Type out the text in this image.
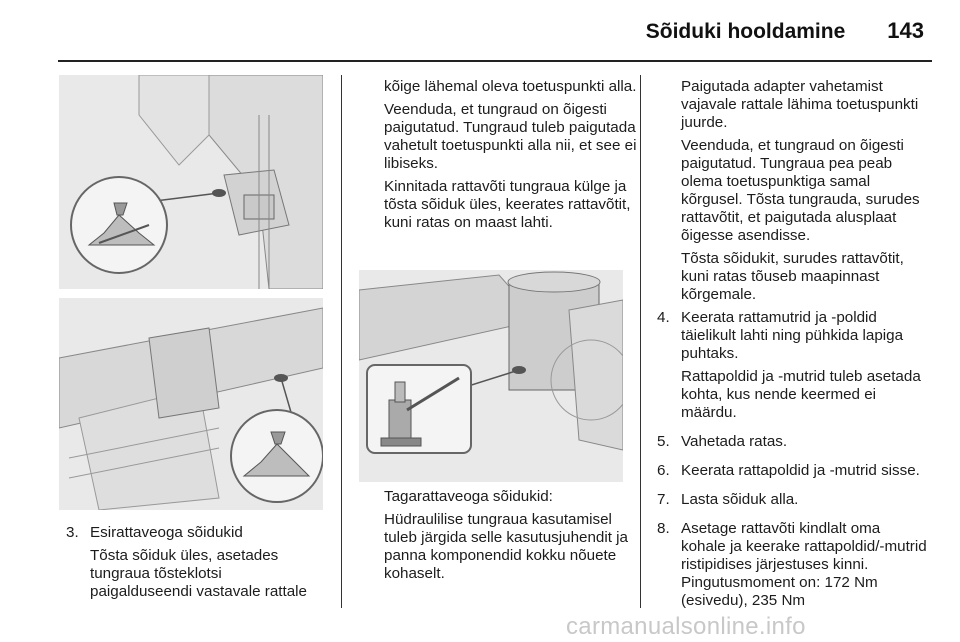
Sõiduki hooldamine 143
3. Esirattaveoga sõidukid

Tõsta sõiduk üles, asetades tungraua tõsteklotsi paigalduseendi vastavale rattale

kõige lähemal oleva toetuspunkti alla.

Veenduda, et tungraud on õigesti paigutatud. Tungraud tuleb paigutada vahetult toetuspunkti alla nii, et see ei libiseks.

Kinnitada rattavõti tungraua külge ja tõsta sõiduk üles, keerates rattavõtit, kuni ratas on maast lahti.

Tagarattaveoga sõidukid:

Hüdraulilise tungraua kasutamisel tuleb järgida selle kasutusjuhendit ja panna komponendid kokku nõuete kohaselt.

Paigutada adapter vahetamist vajavale rattale lähima toetuspunkti juurde.

Veenduda, et tungraud on õigesti paigutatud. Tungraua pea peab olema toetuspunktiga samal kõrgusel. Tõsta tungrauda, surudes rattavõtit, et paigutada alusplaat õigesse asendisse.

Tõsta sõidukit, surudes rattavõtit, kuni ratas tõuseb maapinnast kõrgemale.

4. Keerata rattamutrid ja -poldid täielikult lahti ning pühkida lapiga puhtaks.

Rattapoldid ja -mutrid tuleb asetada kohta, kus nende keermed ei määrdu.

5. Vahetada ratas.

6. Keerata rattapoldid ja -mutrid sisse.

7. Lasta sõiduk alla.

8. Asetage rattavõti kindlalt oma kohale ja keerake rattapoldid/-mutrid ristipidises järjestuses kinni. Pingutusmoment on: 172 Nm (esivedu), 235 Nm

carmanualsonline.info
